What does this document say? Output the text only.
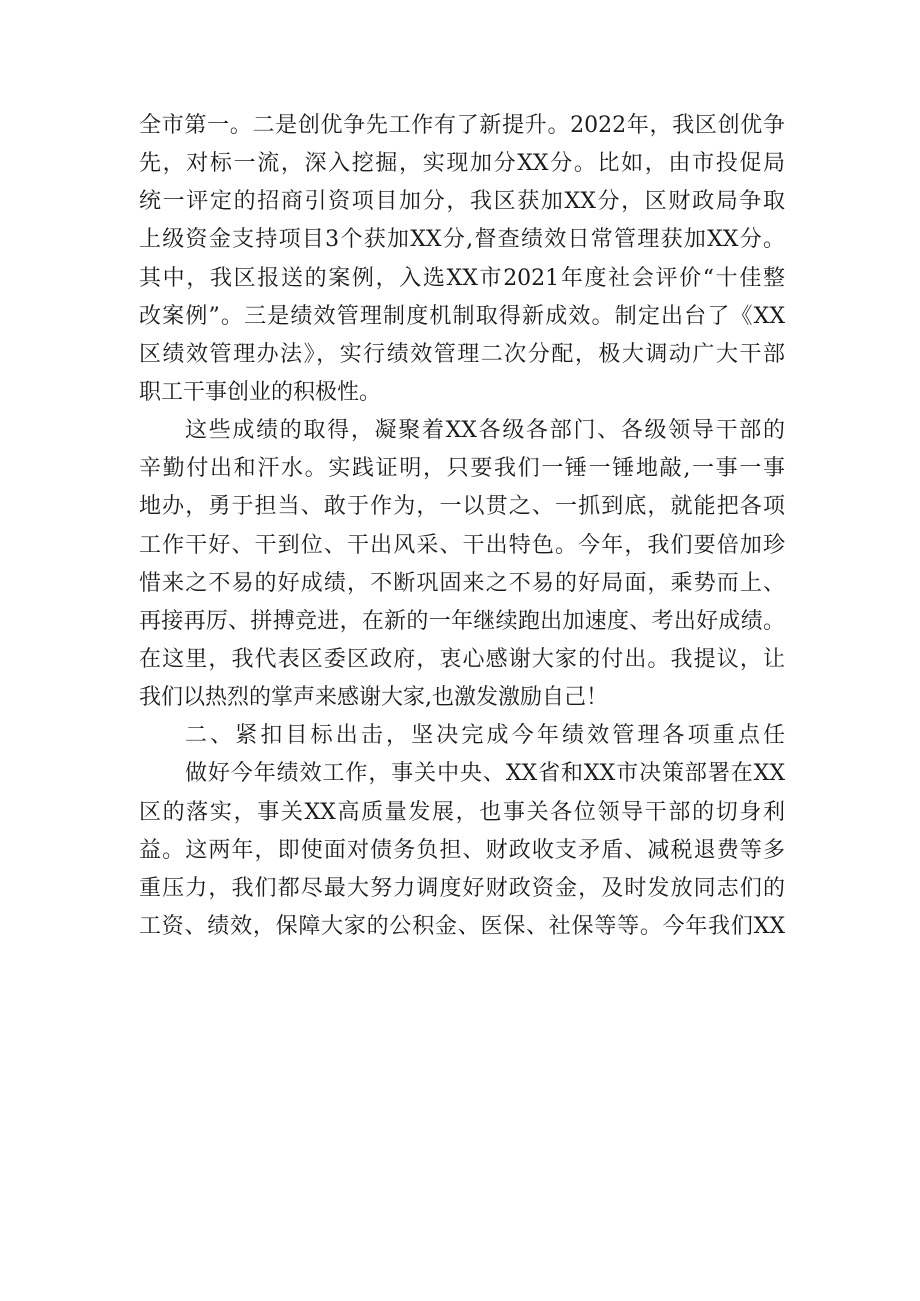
全市第一。二是创优争先工作有了新提升。2022年，我区创优争
先，对标一流，深入挖掘，实现加分XX分。比如，由市投促局
统一评定的招商引资项目加分，我区获加XX分，区财政局争取
上级资金支持项目3个获加XX分,督查绩效日常管理获加XX分。
其中，我区报送的案例，入选XX市2021年度社会评价“十佳整
改案例”。三是绩效管理制度机制取得新成效。制定出台了《XX
区绩效管理办法》，实行绩效管理二次分配，极大调动广大干部
职工干事创业的积极性。
这些成绩的取得，凝聚着XX各级各部门、各级领导干部的
辛勤付出和汗水。实践证明，只要我们一锤一锤地敲,一事一事
地办，勇于担当、敢于作为，一以贯之、一抓到底，就能把各项
工作干好、干到位、干出风采、干出特色。今年，我们要倍加珍
惜来之不易的好成绩，不断巩固来之不易的好局面，乘势而上、
再接再厉、拼搏竞进，在新的一年继续跑出加速度、考出好成绩。
在这里，我代表区委区政府，衷心感谢大家的付出。我提议，让
我们以热烈的掌声来感谢大家,也激发激励自己！
二、紧扣目标出击，坚决完成今年绩效管理各项重点任
做好今年绩效工作，事关中央、XX省和XX市决策部署在XX
区的落实，事关XX高质量发展，也事关各位领导干部的切身利
益。这两年，即使面对债务负担、财政收支矛盾、减税退费等多
重压力，我们都尽最大努力调度好财政资金，及时发放同志们的
工资、绩效，保障大家的公积金、医保、社保等等。今年我们XX
